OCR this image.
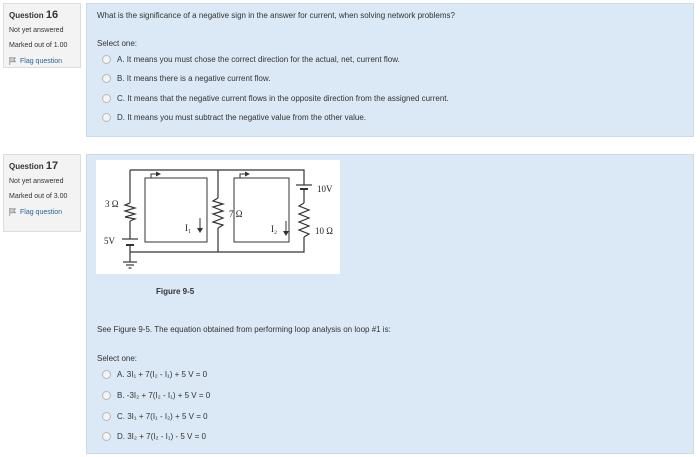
Question 16
Not yet answered
Marked out of 1.00
Flag question
What is the significance of a negative sign in the answer for current, when solving network problems?
Select one:
A. It means you must chose the correct direction for the actual, net, current flow.
B. It means there is a negative current flow.
C. It means that the negative current flows in the opposite direction from the assigned current.
D. It means you must subtract the negative value from the other value.
Question 17
Not yet answered
Marked out of 3.00
Flag question
3 Ω
5V
7 Ω
10V
10 Ω
I₁	I₂
Figure 9-5
See Figure 9-5. The equation obtained from performing loop analysis on loop #1 is:
Select one:
A. 3I₁ + 7(I₂ - I₁) + 5 V = 0
B. -3I₂ + 7(I₂ - I₁) + 5 V = 0
C. 3I₁ + 7(I₁ - I₂) + 5 V = 0
D. 3I₂ + 7(I₂ - I₁) - 5 V = 0
